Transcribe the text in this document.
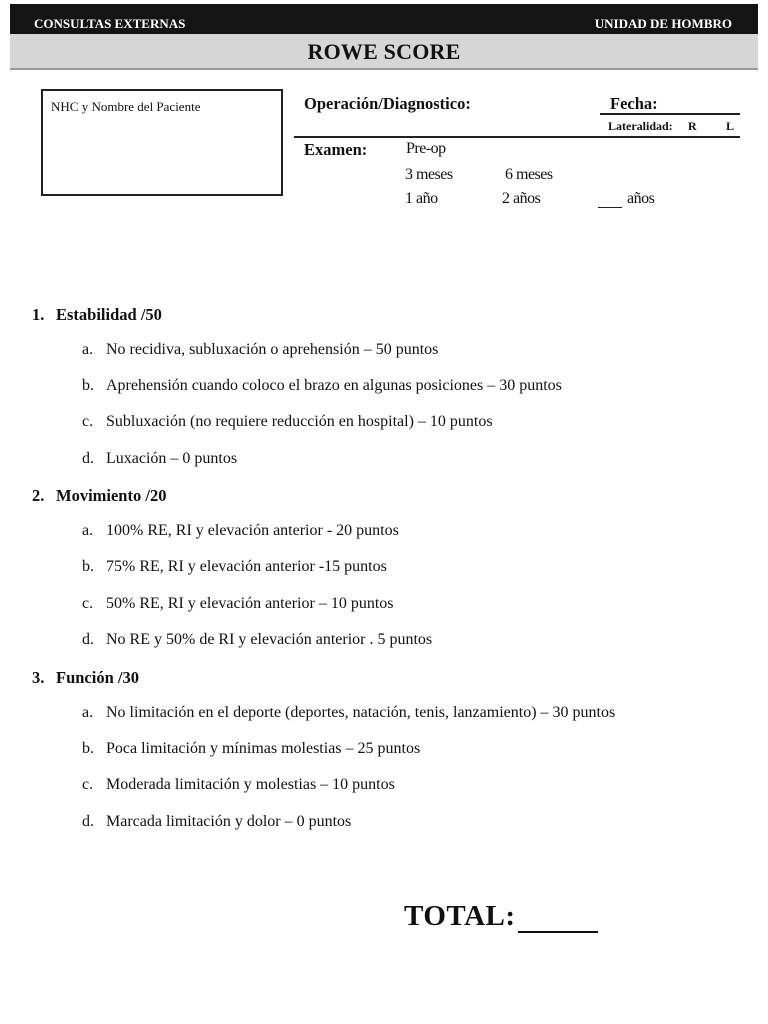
CONSULTAS EXTERNAS	UNIDAD DE HOMBRO
ROWE SCORE
NHC y Nombre del Paciente	Operación/Diagnostico:	Fecha:
Lateralidad: R L
Examen: Pre-op
3 meses	6 meses
1 año	2 años	años
1. Estabilidad /50
a. No recidiva, subluxación o aprehensión – 50 puntos
b. Aprehensión cuando coloco el brazo en algunas posiciones – 30 puntos
c. Subluxación (no requiere reducción en hospital) – 10 puntos
d. Luxación – 0 puntos
2. Movimiento /20
a. 100% RE, RI y elevación anterior - 20 puntos
b. 75% RE, RI y elevación anterior -15 puntos
c. 50% RE, RI y elevación anterior – 10 puntos
d. No RE y 50% de RI y elevación anterior . 5 puntos
3. Función /30
a. No limitación en el deporte (deportes, natación, tenis, lanzamiento) – 30 puntos
b. Poca limitación y mínimas molestias – 25 puntos
c. Moderada limitación y molestias – 10 puntos
d. Marcada limitación y dolor – 0 puntos
TOTAL:
